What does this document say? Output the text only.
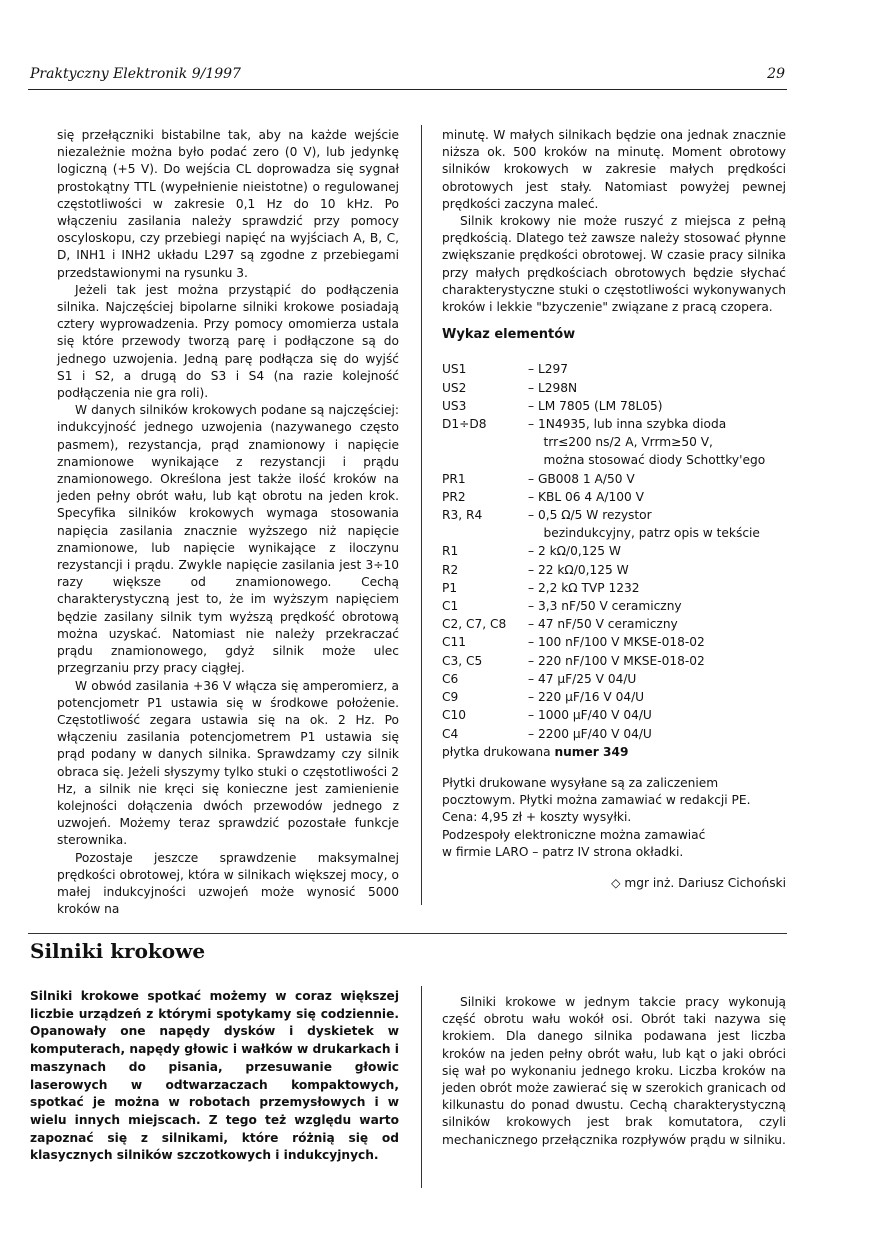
Praktyczny Elektronik 9/1997	29

się przełączniki bistabilne tak, aby na każde wejście niezależnie można było podać zero (0 V), lub jedynkę logiczną (+5 V). Do wejścia CL doprowadza się sygnał prostokątny TTL (wypełnienie nieistotne) o regulowanej częstotliwości w zakresie 0,1 Hz do 10 kHz. Po włączeniu zasilania należy sprawdzić przy pomocy oscyloskopu, czy przebiegi napięć na wyjściach A, B, C, D, INH1 i INH2 układu L297 są zgodne z przebiegami przedstawionymi na rysunku 3.

Jeżeli tak jest można przystąpić do podłączenia silnika. Najczęściej bipolarne silniki krokowe posiadają cztery wyprowadzenia. Przy pomocy omomierza ustala się które przewody tworzą parę i podłączone są do jednego uzwojenia. Jedną parę podłącza się do wyjść S1 i S2, a drugą do S3 i S4 (na razie kolejność podłączenia nie gra roli).

W danych silników krokowych podane są najczęściej: indukcyjność jednego uzwojenia (nazywanego często pasmem), rezystancja, prąd znamionowy i napięcie znamionowe wynikające z rezystancji i prądu znamionowego. Określona jest także ilość kroków na jeden pełny obrót wału, lub kąt obrotu na jeden krok. Specyfika silników krokowych wymaga stosowania napięcia zasilania znacznie wyższego niż napięcie znamionowe, lub napięcie wynikające z iloczynu rezystancji i prądu. Zwykle napięcie zasilania jest 3÷10 razy większe od znamionowego. Cechą charakterystyczną jest to, że im wyższym napięciem będzie zasilany silnik tym wyższą prędkość obrotową można uzyskać. Natomiast nie należy przekraczać prądu znamionowego, gdyż silnik może ulec przegrzaniu przy pracy ciągłej.

W obwód zasilania +36 V włącza się amperomierz, a potencjometr P1 ustawia się w środkowe położenie. Częstotliwość zegara ustawia się na ok. 2 Hz. Po włączeniu zasilania potencjometrem P1 ustawia się prąd podany w danych silnika. Sprawdzamy czy silnik obraca się. Jeżeli słyszymy tylko stuki o częstotliwości 2 Hz, a silnik nie kręci się konieczne jest zamienienie kolejności dołączenia dwóch przewodów jednego z uzwojeń. Możemy teraz sprawdzić pozostałe funkcje sterownika.

Pozostaje jeszcze sprawdzenie maksymalnej prędkości obrotowej, która w silnikach większej mocy, o małej indukcyjności uzwojeń może wynosić 5000 kroków na

minutę. W małych silnikach będzie ona jednak znacznie niższa ok. 500 kroków na minutę. Moment obrotowy silników krokowych w zakresie małych prędkości obrotowych jest stały. Natomiast powyżej pewnej prędkości zaczyna maleć.

Silnik krokowy nie może ruszyć z miejsca z pełną prędkością. Dlatego też zawsze należy stosować płynne zwiększanie prędkości obrotowej. W czasie pracy silnika przy małych prędkościach obrotowych będzie słychać charakterystyczne stuki o częstotliwości wykonywanych kroków i lekkie "bzyczenie" związane z pracą czopera.

Wykaz elementów
US1	– L297
US2	– L298N
US3	– LM 7805 (LM 78L05)
D1÷D8	– 1N4935, lub inna szybka dioda
	trr≤200 ns/2 A, Vrrm≥50 V,
	można stosować diody Schottky'ego
PR1	– GB008 1 A/50 V
PR2	– KBL 06 4 A/100 V
R3, R4	– 0,5 Ω/5 W rezystor
	bezindukcyjny, patrz opis w tekście
R1	– 2 kΩ/0,125 W
R2	– 22 kΩ/0,125 W
P1	– 2,2 kΩ TVP 1232
C1	– 3,3 nF/50 V ceramiczny
C2, C7, C8	– 47 nF/50 V ceramiczny
C11	– 100 nF/100 V MKSE-018-02
C3, C5	– 220 nF/100 V MKSE-018-02
C6	– 47 μF/25 V 04/U
C9	– 220 μF/16 V 04/U
C10	– 1000 μF/40 V 04/U
C4	– 2200 μF/40 V 04/U
płytka drukowana numer 349
Płytki drukowane wysyłane są za zaliczeniem
pocztowym. Płytki można zamawiać w redakcji PE.
Cena: 4,95 zł + koszty wysyłki.
Podzespoły elektroniczne można zamawiać
w firmie LARO – patrz IV strona okładki.
◇ mgr inż. Dariusz Cichoński
Silniki krokowe

Silniki krokowe spotkać możemy w coraz większej liczbie urządzeń z którymi spotykamy się codziennie. Opanowały one napędy dysków i dyskietek w komputerach, napędy głowic i wałków w drukarkach i maszynach do pisania, przesuwanie głowic laserowych w odtwarzaczach kompaktowych, spotkać je można w robotach przemysłowych i w wielu innych miejscach. Z tego też względu warto zapoznać się z silnikami, które różnią się od klasycznych silników szczotkowych i indukcyjnych.

Silniki krokowe w jednym takcie pracy wykonują część obrotu wału wokół osi. Obrót taki nazywa się krokiem. Dla danego silnika podawana jest liczba kroków na jeden pełny obrót wału, lub kąt o jaki obróci się wał po wykonaniu jednego kroku. Liczba kroków na jeden obrót może zawierać się w szerokich granicach od kilkunastu do ponad dwustu. Cechą charakterystyczną silników krokowych jest brak komutatora, czyli mechanicznego przełącznika rozpływów prądu w silniku.
